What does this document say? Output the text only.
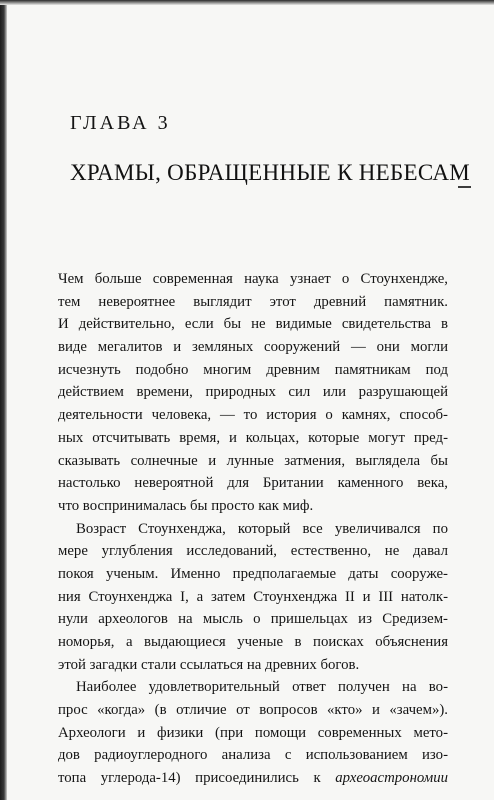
ГЛАВА 3
ХРАМЫ, ОБРАЩЕННЫЕ К НЕБЕСАМ
Чем больше современная наука узнает о Стоунхендже,
тем невероятнее выглядит этот древний памятник.
И действительно, если бы не видимые свидетельства в
виде мегалитов и земляных сооружений — они могли
исчезнуть подобно многим древним памятникам под
действием времени, природных сил или разрушающей
деятельности человека, — то история о камнях, способ-
ных отсчитывать время, и кольцах, которые могут пред-
сказывать солнечные и лунные затмения, выглядела бы
настолько невероятной для Британии каменного века,
что воспринималась бы просто как миф.
Возраст Стоунхенджа, который все увеличивался по
мере углубления исследований, естественно, не давал
покоя ученым. Именно предполагаемые даты сооруже-
ния Стоунхенджа I, а затем Стоунхенджа II и III натолк-
нули археологов на мысль о пришельцах из Средизем-
номорья, а выдающиеся ученые в поисках объяснения
этой загадки стали ссылаться на древних богов.
Наиболее удовлетворительный ответ получен на во-
прос «когда» (в отличие от вопросов «кто» и «зачем»).
Археологи и физики (при помощи современных мето-
дов радиоуглеродного анализа с использованием изо-
топа углерода-14) присоединились к археоастрономии
